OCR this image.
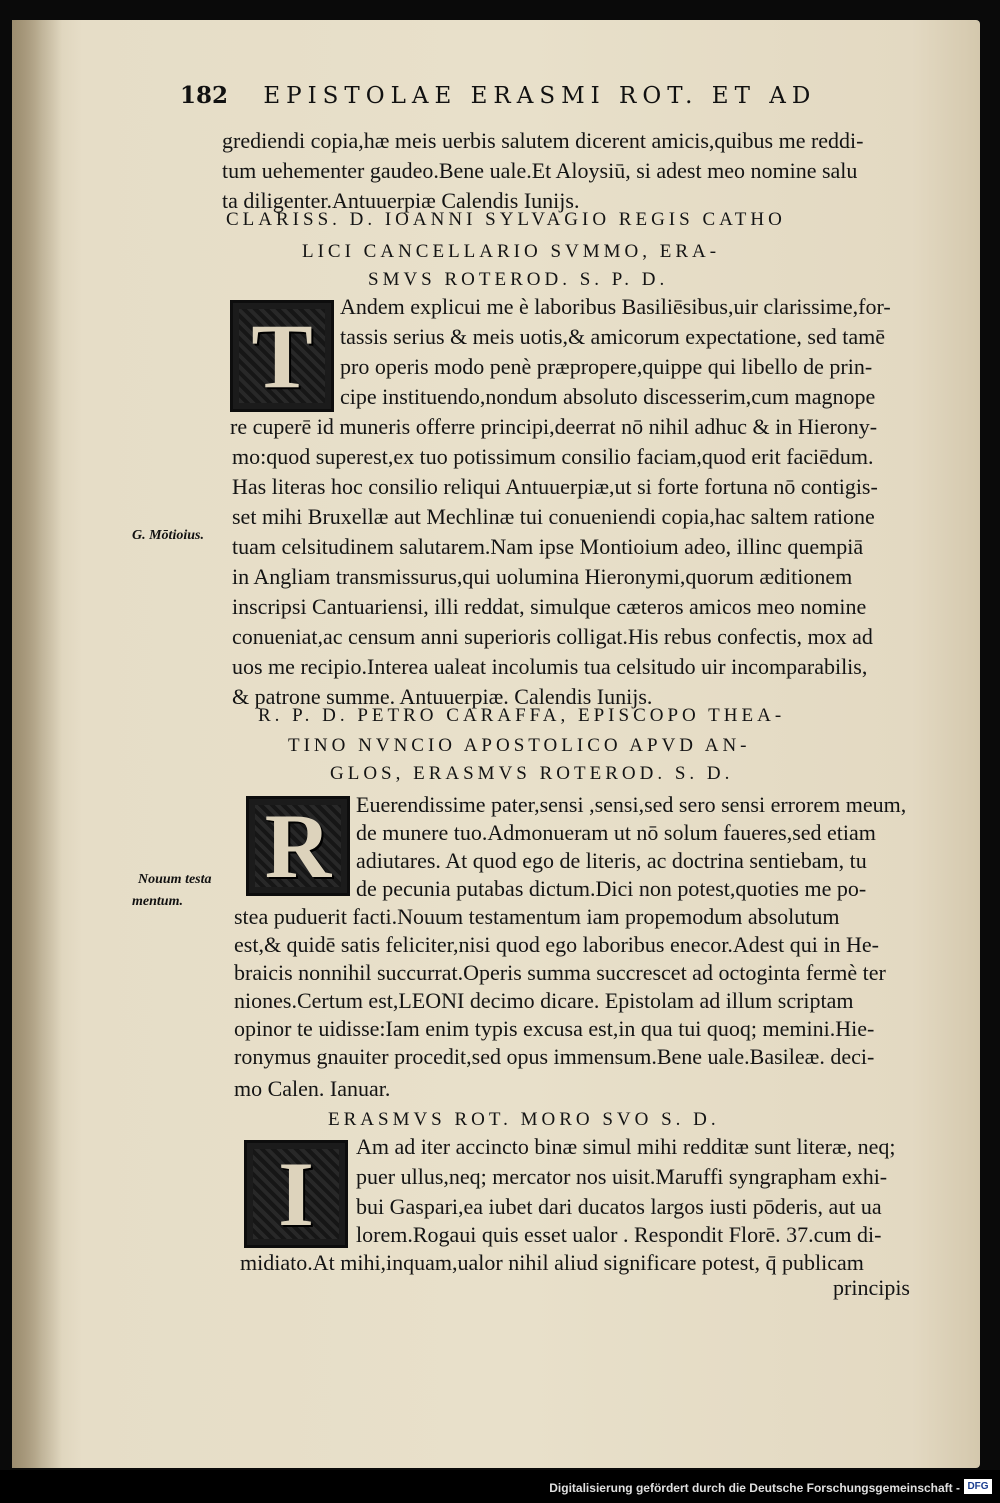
182 EPISTOLAE ERASMI ROT. ET AD
grediendi copia,hæ meis uerbis salutem dicerent amicis,quibus me reddi-
tum uehementer gaudeo.Bene uale.Et Aloysiū, si adest meo nomine salu
ta diligenter.Antuuerpiæ Calendis Iunijs.
CLARISS. D. IOANNI SYLVAGIO REGIS CATHO
LICI CANCELLARIO SVMMO, ERA-
SMVS ROTEROD. S. P. D.
T Andem explicui me è laboribus Basiliēsibus,uir clarissime,for-
tassis serius & meis uotis,& amicorum expectatione, sed tamē
pro operis modo penè præpropere,quippe qui libello de prin-
cipe instituendo,nondum absoluto discesserim,cum magnope
re cuperē id muneris offerre principi,deerrat nō nihil adhuc & in Hierony-
mo:quod superest,ex tuo potissimum consilio faciam,quod erit faciēdum.
Has literas hoc consilio reliqui Antuuerpiæ,ut si forte fortuna nō contigis-
set mihi Bruxellæ aut Mechlinæ tui conueniendi copia,hac saltem ratione
tuam celsitudinem salutarem.Nam ipse Montioium adeo, illinc quempiā
in Angliam transmissurus,qui uolumina Hieronymi,quorum æditionem
inscripsi Cantuariensi, illi reddat, simulque cæteros amicos meo nomine
conueniat,ac censum anni superioris colligat.His rebus confectis, mox ad
uos me recipio.Interea ualeat incolumis tua celsitudo uir incomparabilis,
& patrone summe. Antuuerpiæ. Calendis Iunijs.
G. Mōtioius.
R. P. D. PETRO CARAFFA, EPISCOPO THEA-
TINO NVNCIO APOSTOLICO APVD AN-
GLOS, ERASMVS ROTEROD. S. D.
R Euerendissime pater,sensi ,sensi,sed sero sensi errorem meum,
de munere tuo.Admonueram ut nō solum faueres,sed etiam
adiutares. At quod ego de literis, ac doctrina sentiebam, tu
de pecunia putabas dictum.Dici non potest,quoties me po-
stea puduerit facti.Nouum testamentum iam propemodum absolutum
est,& quidē satis feliciter,nisi quod ego laboribus enecor.Adest qui in He-
braicis nonnihil succurrat.Operis summa succrescet ad octoginta fermè ter
niones.Certum est,LEONI decimo dicare. Epistolam ad illum scriptam
opinor te uidisse:Iam enim typis excusa est,in qua tui quoq; memini.Hie-
ronymus gnauiter procedit,sed opus immensum.Bene uale.Basileæ. deci-
mo Calen. Ianuar.
Nouum testa
mentum.
ERASMVS ROT. MORO SVO S. D.
I Am ad iter accincto binæ simul mihi redditæ sunt literæ, neq;
puer ullus,neq; mercator nos uisit.Maruffi syngrapham exhi-
bui Gaspari,ea iubet dari ducatos largos iusti pōderis, aut ua
lorem.Rogaui quis esset ualor . Respondit Florē. 37.cum di-
midiato.At mihi,inquam,ualor nihil aliud significare potest, q̄ publicam
principis
Digitalisierung gefördert durch die Deutsche Forschungsgemeinschaft - DFG
